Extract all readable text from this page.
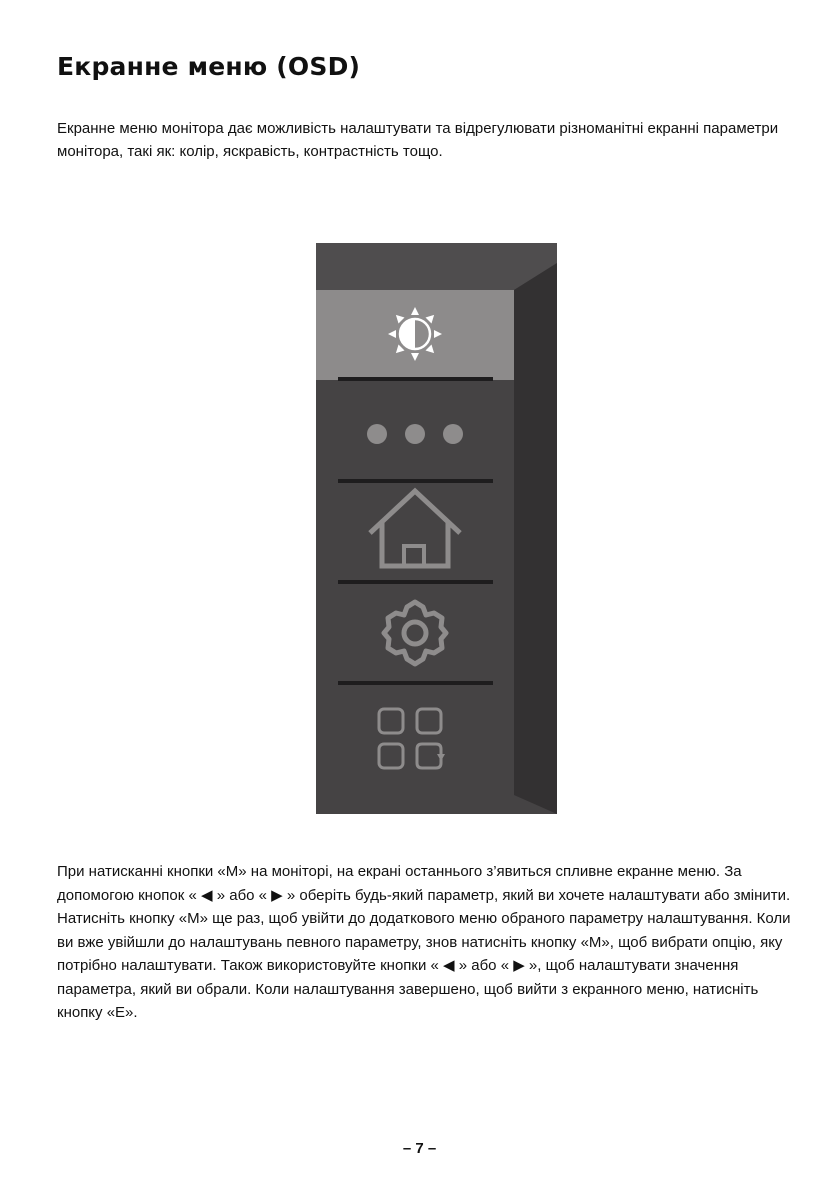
Екранне меню (OSD)

Екранне меню монітора дає можливість налаштувати та відрегулювати різноманітні екранні параметри монітора, такі як: колір, яскравість, контрастність тощо.

При натисканні кнопки «M» на моніторі, на екрані останнього з’явиться спливне екранне меню. За допомогою кнопок « ◀ » або « ▶ » оберіть будь-який параметр, який ви хочете налаштувати або змінити. Натисніть кнопку «M» ще раз, щоб увійти до додаткового меню обраного параметру налаштування. Коли ви вже увійшли до налаштувань певного параметру, знов натисніть кнопку «M», щоб вибрати опцію, яку потрібно налаштувати. Також використовуйте кнопки « ◀ » або « ▶ », щоб налаштувати значення параметра, який ви обрали. Коли налаштування завершено, щоб вийти з екранного меню, натисніть кнопку «E».

– 7 –
